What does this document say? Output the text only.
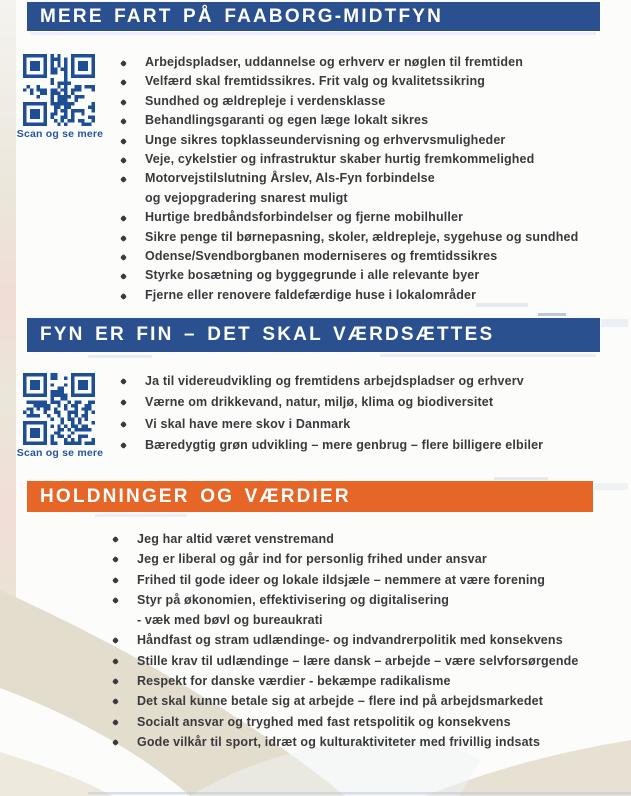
MERE FART PÅ FAABORG-MIDTFYN
Scan og se mere
Arbejdspladser, uddannelse og erhverv er nøglen til fremtiden
Velfærd skal fremtidssikres. Frit valg og kvalitetssikring
Sundhed og ældrepleje i verdensklasse
Behandlingsgaranti og egen læge lokalt sikres
Unge sikres topklasseundervisning og erhvervsmuligheder
Veje, cykelstier og infrastruktur skaber hurtig fremkommelighed
Motorvejstilslutning Årslev, Als-Fyn forbindelse
og vejopgradering snarest muligt
Hurtige bredbåndsforbindelser og fjerne mobilhuller
Sikre penge til børnepasning, skoler, ældrepleje, sygehuse og sundhed
Odense/Svendborgbanen moderniseres og fremtidssikres
Styrke bosætning og byggegrunde i alle relevante byer
Fjerne eller renovere faldefærdige huse i lokalområder
FYN ER FIN – DET SKAL VÆRDSÆTTES
Scan og se mere
Ja til videreudvikling og fremtidens arbejdspladser og erhverv
Værne om drikkevand, natur, miljø, klima og biodiversitet
Vi skal have mere skov i Danmark
Bæredygtig grøn udvikling – mere genbrug – flere billigere elbiler
HOLDNINGER OG VÆRDIER
Jeg har altid været venstremand
Jeg er liberal og går ind for personlig frihed under ansvar
Frihed til gode ideer og lokale ildsjæle – nemmere at være forening
Styr på økonomien, effektivisering og digitalisering
- væk med bøvl og bureaukrati
Håndfast og stram udlændinge- og indvandrerpolitik med konsekvens
Stille krav til udlændinge – lære dansk – arbejde – være selvforsørgende
Respekt for danske værdier - bekæmpe radikalisme
Det skal kunne betale sig at arbejde – flere ind på arbejdsmarkedet
Socialt ansvar og tryghed med fast retspolitik og konsekvens
Gode vilkår til sport, idræt og kulturaktiviteter med frivillig indsats
